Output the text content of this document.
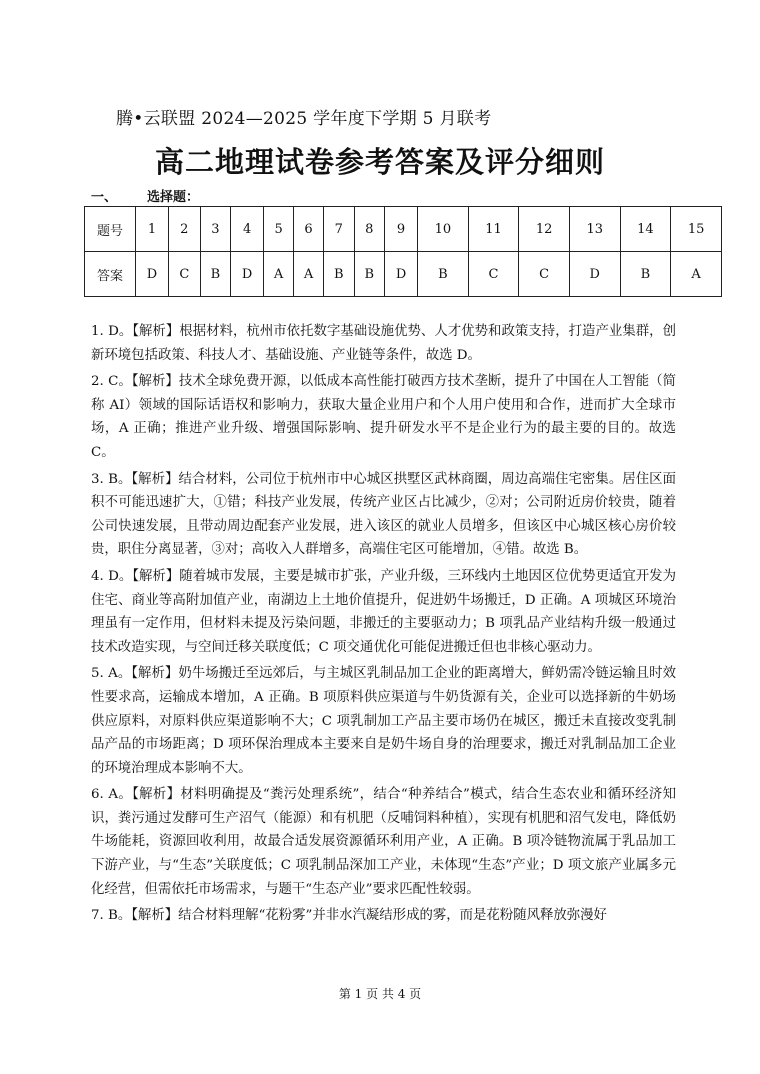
腾•云联盟 2024—2025 学年度下学期 5 月联考
高二地理试卷参考答案及评分细则
一、 选择题：
题号	1	2	3	4	5	6	7	8	9	10	11	12	13	14	15
答案	D	C	B	D	A	A	B	B	D	B	C	C	D	B	A

1. D。【解析】根据材料，杭州市依托数字基础设施优势、人才优势和政策支持，打造产业集群，创新环境包括政策、科技人才、基础设施、产业链等条件，故选 D。

2. C。【解析】技术全球免费开源，以低成本高性能打破西方技术垄断，提升了中国在人工智能（简称 AI）领域的国际话语权和影响力，获取大量企业用户和个人用户使用和合作，进而扩大全球市场，A 正确；推进产业升级、增强国际影响、提升研发水平不是企业行为的最主要的目的。故选 C。

3. B。【解析】结合材料，公司位于杭州市中心城区拱墅区武林商圈，周边高端住宅密集。居住区面积不可能迅速扩大，①错；科技产业发展，传统产业区占比减少，②对；公司附近房价较贵，随着公司快速发展，且带动周边配套产业发展，进入该区的就业人员增多，但该区中心城区核心房价较贵，职住分离显著，③对；高收入人群增多，高端住宅区可能增加，④错。故选 B。

4. D。【解析】随着城市发展，主要是城市扩张，产业升级，三环线内土地因区位优势更适宜开发为住宅、商业等高附加值产业，南湖边上土地价值提升，促进奶牛场搬迁，D 正确。A 项城区环境治理虽有一定作用，但材料未提及污染问题，非搬迁的主要驱动力；B 项乳品产业结构升级一般通过技术改造实现，与空间迁移关联度低；C 项交通优化可能促进搬迁但也非核心驱动力。

5. A。【解析】奶牛场搬迁至远郊后，与主城区乳制品加工企业的距离增大，鲜奶需冷链运输且时效性要求高，运输成本增加，A 正确。B 项原料供应渠道与牛奶货源有关，企业可以选择新的牛奶场供应原料，对原料供应渠道影响不大；C 项乳制加工产品主要市场仍在城区，搬迁未直接改变乳制品产品的市场距离；D 项环保治理成本主要来自是奶牛场自身的治理要求，搬迁对乳制品加工企业的环境治理成本影响不大。

6. A。【解析】材料明确提及“粪污处理系统”，结合“种养结合”模式，结合生态农业和循环经济知识，粪污通过发酵可生产沼气（能源）和有机肥（反哺饲料种植），实现有机肥和沼气发电，降低奶牛场能耗，资源回收利用，故最合适发展资源循环利用产业，A 正确。B 项冷链物流属于乳品加工下游产业，与“生态”关联度低；C 项乳制品深加工产业，未体现“生态”产业；D 项文旅产业属多元化经营，但需依托市场需求，与题干“生态产业”要求匹配性较弱。

7. B。【解析】结合材料理解“花粉雾”并非水汽凝结形成的雾，而是花粉随风释放弥漫好

第 1 页 共 4 页
